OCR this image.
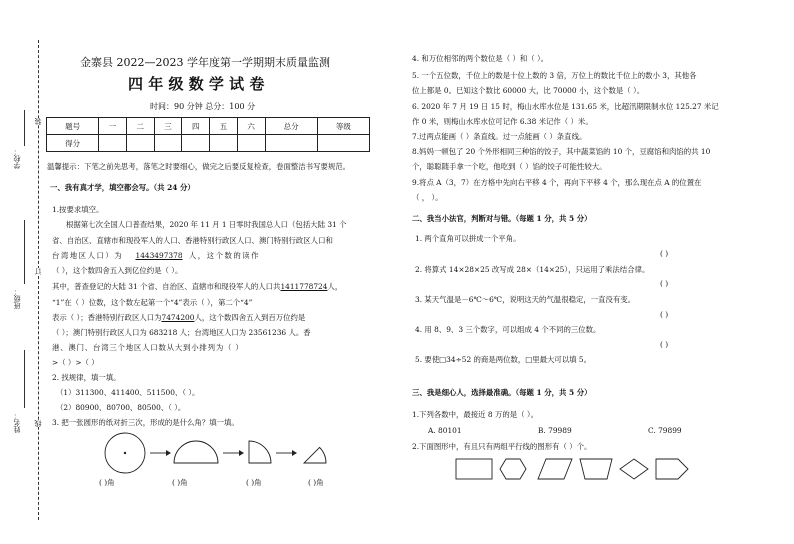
装
订
线
学校：
班级：
姓名：
金寨县 2022—2023 学年度第一学期期末质量监测
四 年 级 数 学 试 卷
时间：90 分钟 总分：100 分
题号	一	二	三	四	五	六	总分	等级
得分								
温馨提示：下笔之前先思考，落笔之时要细心，做完之后要反复检查，卷面整洁书写要规范。
一、我有真才学，填空都会写。（共 24 分）
1.按要求填空。
根据第七次全国人口普查结果，2020 年 11 月 1 日零时我国总人口（包括大陆 31 个
省、自治区、直辖市和现役军人的人口、香港特别行政区人口、澳门特别行政区人口和
台湾地区人口）为 1443497378 人，这个数的读作
（ ），这个数四舍五入到亿位约是（ ）。
其中，普查登记的大陆 31 个省、自治区、直辖市和现役军人的人口共1411778724人，
“1”在（ ）位数，这个数左起第一个“4”表示（ ），第二个“4”
表示（ ）；香港特别行政区人口为7474200人，这个数四舍五入到百万位约是
（ ）；澳门特别行政区人口为 683218 人；台湾地区人口为 23561236 人。香
港、澳门、台湾三个地区人口数从大到小排列为（ ）
>（ ）>（ ）
2. 找规律，填一填。
（1）311300、411400、511500、（ ）。
（2）80900、80700、80500、（ ）。
3. 把一张圆形的纸对折三次，形成的是什么角？填一填。
( )角	( )角	( )角	( )角
4. 和万位相邻的两个数位是（ ）和（ ）。
5. 一个五位数，千位上的数是十位上数的 3 倍，万位上的数比千位上的数小 3，其他各
位上都是 0。巳知这个数比 60000 大，比 70000 小，这个数是（ ）。
6. 2020 年 7 月 19 日 15 时，梅山水库水位是 131.65 米，比超汛期限制水位 125.27 米记
作 0 米，则梅山水库水位可记作 6.38 米记作（ ）米。
7.过两点能画（ ）条直线。过一点能画（ ）条直线。
8.妈妈一顿包了 20 个外形相同三种馅的饺子，其中蔬菜馅的 10 个，豆腐馅和肉馅的共 10
个，聪聪随手拿一个吃，他吃到（ ）馅的饺子可能性较大。
9.将点 A（3，7）在方格中先向右平移 4 个，再向下平移 4 个，那么现在点 A 的位置在
（ ， ）。
二、我当小法官，判断对与错。（每题 1 分，共 5 分）
1. 两个直角可以拼成一个平角。
( )
2. 将算式 14×28×25 改写成 28×（14×25），只运用了乘法结合律。
( )
3. 某天气温是－6℃～6℃，说明这天的气温很稳定，一直没有变。
( )
4. 用 8、9、3 三个数字，可以组成 4 个不同的三位数。
( )
5. 要使□34÷52 的商是两位数，□里最大可以填 5。
三、我是细心人，选择最准确。（每题 1 分，共 5 分）
1.下列各数中，最接近 8 万的是（ ）。
A. 80101	B. 79989	C. 79899
2.下面图形中，有且只有两组平行线的图形有（ ）个。
